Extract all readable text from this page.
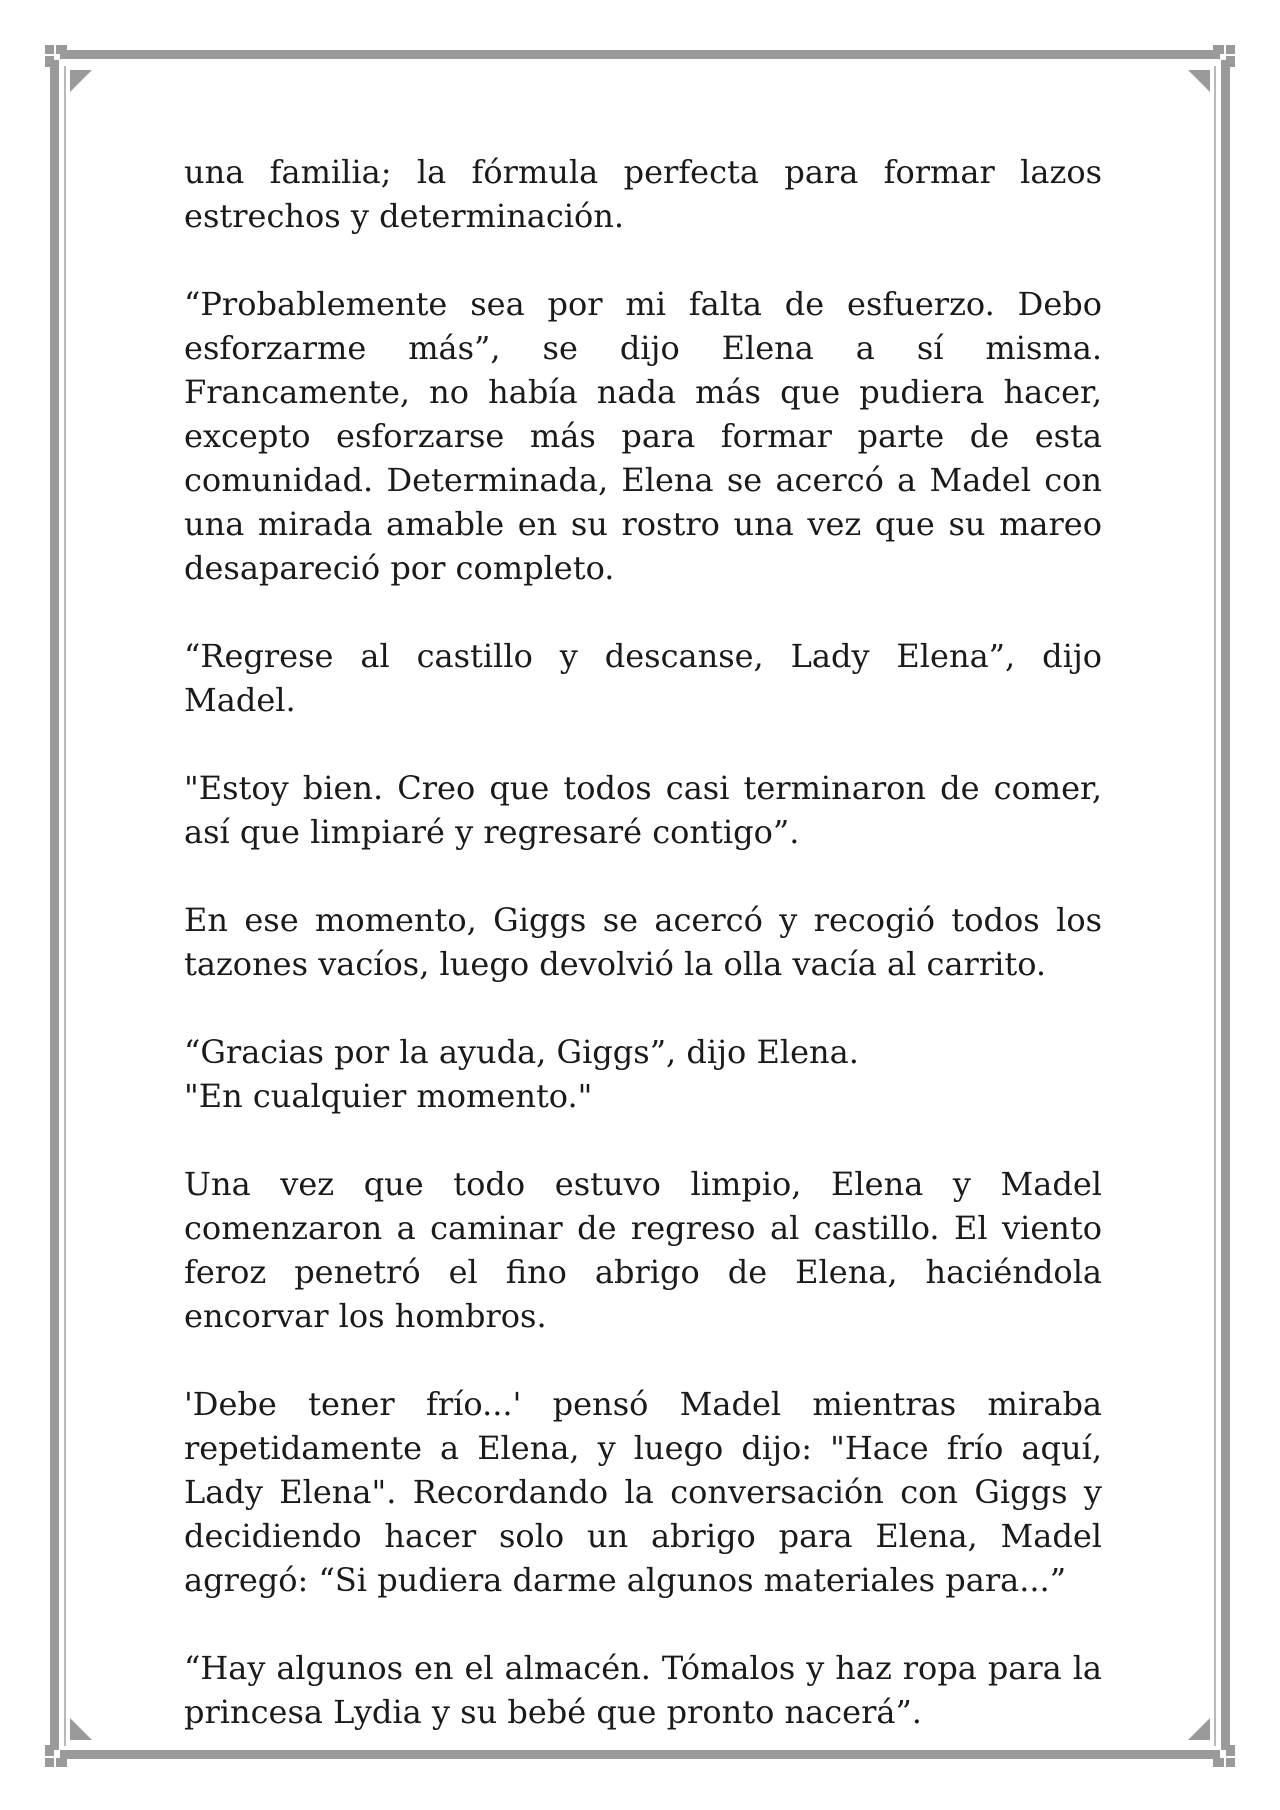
una familia; la fórmula perfecta para formar lazos estrechos y determinación.

“Probablemente sea por mi falta de esfuerzo. Debo esforzarme más”, se dijo Elena a sí misma. Francamente, no había nada más que pudiera hacer, excepto esforzarse más para formar parte de esta comunidad. Determinada, Elena se acercó a Madel con una mirada amable en su rostro una vez que su mareo desapareció por completo.

“Regrese al castillo y descanse, Lady Elena”, dijo Madel.

"Estoy bien. Creo que todos casi terminaron de comer, así que limpiaré y regresaré contigo”.

En ese momento, Giggs se acercó y recogió todos los tazones vacíos, luego devolvió la olla vacía al carrito.

“Gracias por la ayuda, Giggs”, dijo Elena.

"En cualquier momento."

Una vez que todo estuvo limpio, Elena y Madel comenzaron a caminar de regreso al castillo. El viento feroz penetró el fino abrigo de Elena, haciéndola encorvar los hombros.

'Debe tener frío...' pensó Madel mientras miraba repetidamente a Elena, y luego dijo: "Hace frío aquí, Lady Elena". Recordando la conversación con Giggs y decidiendo hacer solo un abrigo para Elena, Madel agregó: “Si pudiera darme algunos materiales para...”

“Hay algunos en el almacén. Tómalos y haz ropa para la princesa Lydia y su bebé que pronto nacerá”.
